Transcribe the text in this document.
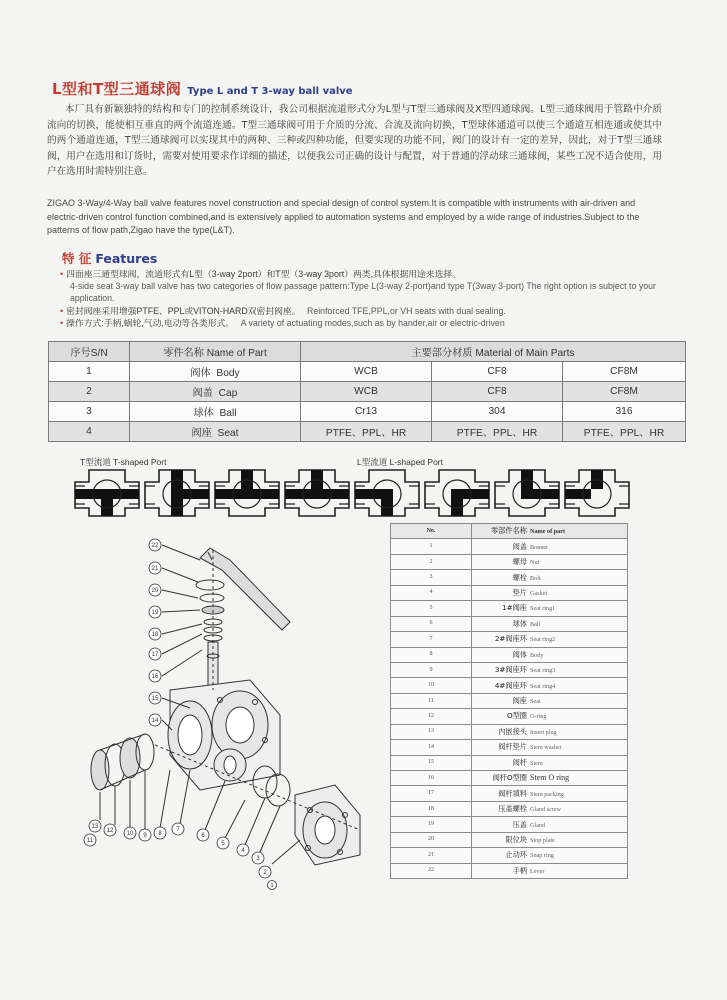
L型和T型三通球阀 Type L and T 3-way ball valve
本厂具有新颖独特的结构和专门的控制系统设计，我公司根据流道形式分为L型与T型三通球阀及X型四通球阀。L型三通球阀用于管路中介质流向的切换，能使相互垂直的两个流道连通。T型三通球阀可用于介质的分流、合流及流向切换，T型球体通道可以使三个通道互相连通或使其中的两个通道连通，T型三通球阀可以实现其中的两种、三种或四种功能，但要实现的功能不同，阀门的设计有一定的差异，因此，对于T型三通球阀，用户在选用和订货时，需要对使用要求作详细的描述，以便我公司正确的设计与配置，对于普通的浮动球三通球阀，某些工况不适合使用，用户在选用时需特别注意。
ZIGAO 3-Way/4-Way ball valve features novel construction and special design of control system.It is compatible with instruments with air-driven and electric-driven control function combined,and is extensively applied to automation systems and employed by a wide range of industries.Subject to the patterns of flow path,Zigao have the type(L&T).
特 征 Features
• 四面座三通型球阀，流道形式有L型（3-way 2port）和T型（3-way 3port）两类,具体根据用途来选择。
4-side seat 3-way ball valve has two categories of flow passage pattern:Type L(3-way 2-port)and type T(3way 3-port) The right option is subject to your application.
• 密封阀座采用增强PTFE、PPL或VITON-HARD双密封阀座。 Reinforced TFE,PPL,or VH seats with dual sealing.
• 操作方式:手柄,蜗轮,气动,电动等各类形式。 A variety of actuating modes,such as by hander,air or electric-driven
序号S/N	零件名称 Name of Part	主要部分材质 Material of Main Parts		
1	阀体 Body	WCB	CF8	CF8M
2	阀盖 Cap	WCB	CF8	CF8M
3	球体 Ball	Cr13	304	316
4	阀座 Seat	PTFE、PPL、HR	PTFE、PPL、HR	PTFE、PPL、HR
T型流道 T-shaped Port	L型流道 L-shaped Port
22
21
20
19
18
17
16
15
14
13
12
11
10 9 8
7
6
5
4
3
2
1
No.	零部件名称 Name of part
1	阀盖 Bonnet
2	螺母 Nut
3	螺栓 Bolt
4	垫片 Gasket
5	1#阀座 Seat ring1
6	球体 Ball
7	2#阀座环 Seat ring2
8	阀体 Body
9	3#阀座环 Seat ring3
10	4#阀座环 Seat ring4
11	阀座 Seat
12	O型圈 O-ring
13	内嵌接头 Insert plug
14	阀杆垫片 Stem washer
15	阀杆 Stem
16	阀杆O型圈 Stem O ring
17	阀杆填料 Stem packing
18	压盖螺栓 Gland screw
19	压盖 Gland
20	限位块 Stop plate
21	止动环 Snap ring
22	手柄 Lever
